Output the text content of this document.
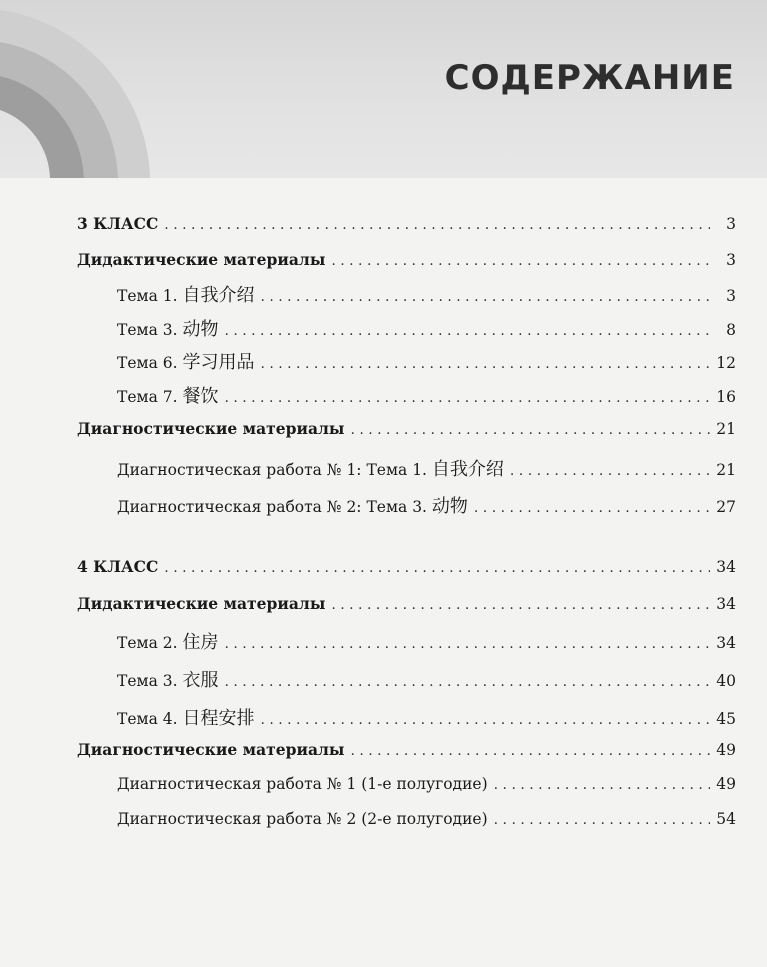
СОДЕРЖАНИЕ
3 КЛАСС . . .	3
Дидактические материалы . . .	3
Тема 1. 自我介绍 . . .	3
Тема 3. 动物 . . .	8
Тема 6. 学习用品 . . .	12
Тема 7. 餐饮 . . .	16
Диагностические материалы . . .	21
Диагностическая работа № 1: Тема 1. 自我介绍 . . .	21
Диагностическая работа № 2: Тема 3. 动物 . . .	27
4 КЛАСС . . .	34
Дидактические материалы . . .	34
Тема 2. 住房 . . .	34
Тема 3. 衣服 . . .	40
Тема 4. 日程安排 . . .	45
Диагностические материалы . . .	49
Диагностическая работа № 1 (1-е полугодие) . . .	49
Диагностическая работа № 2 (2-е полугодие) . . .	54
